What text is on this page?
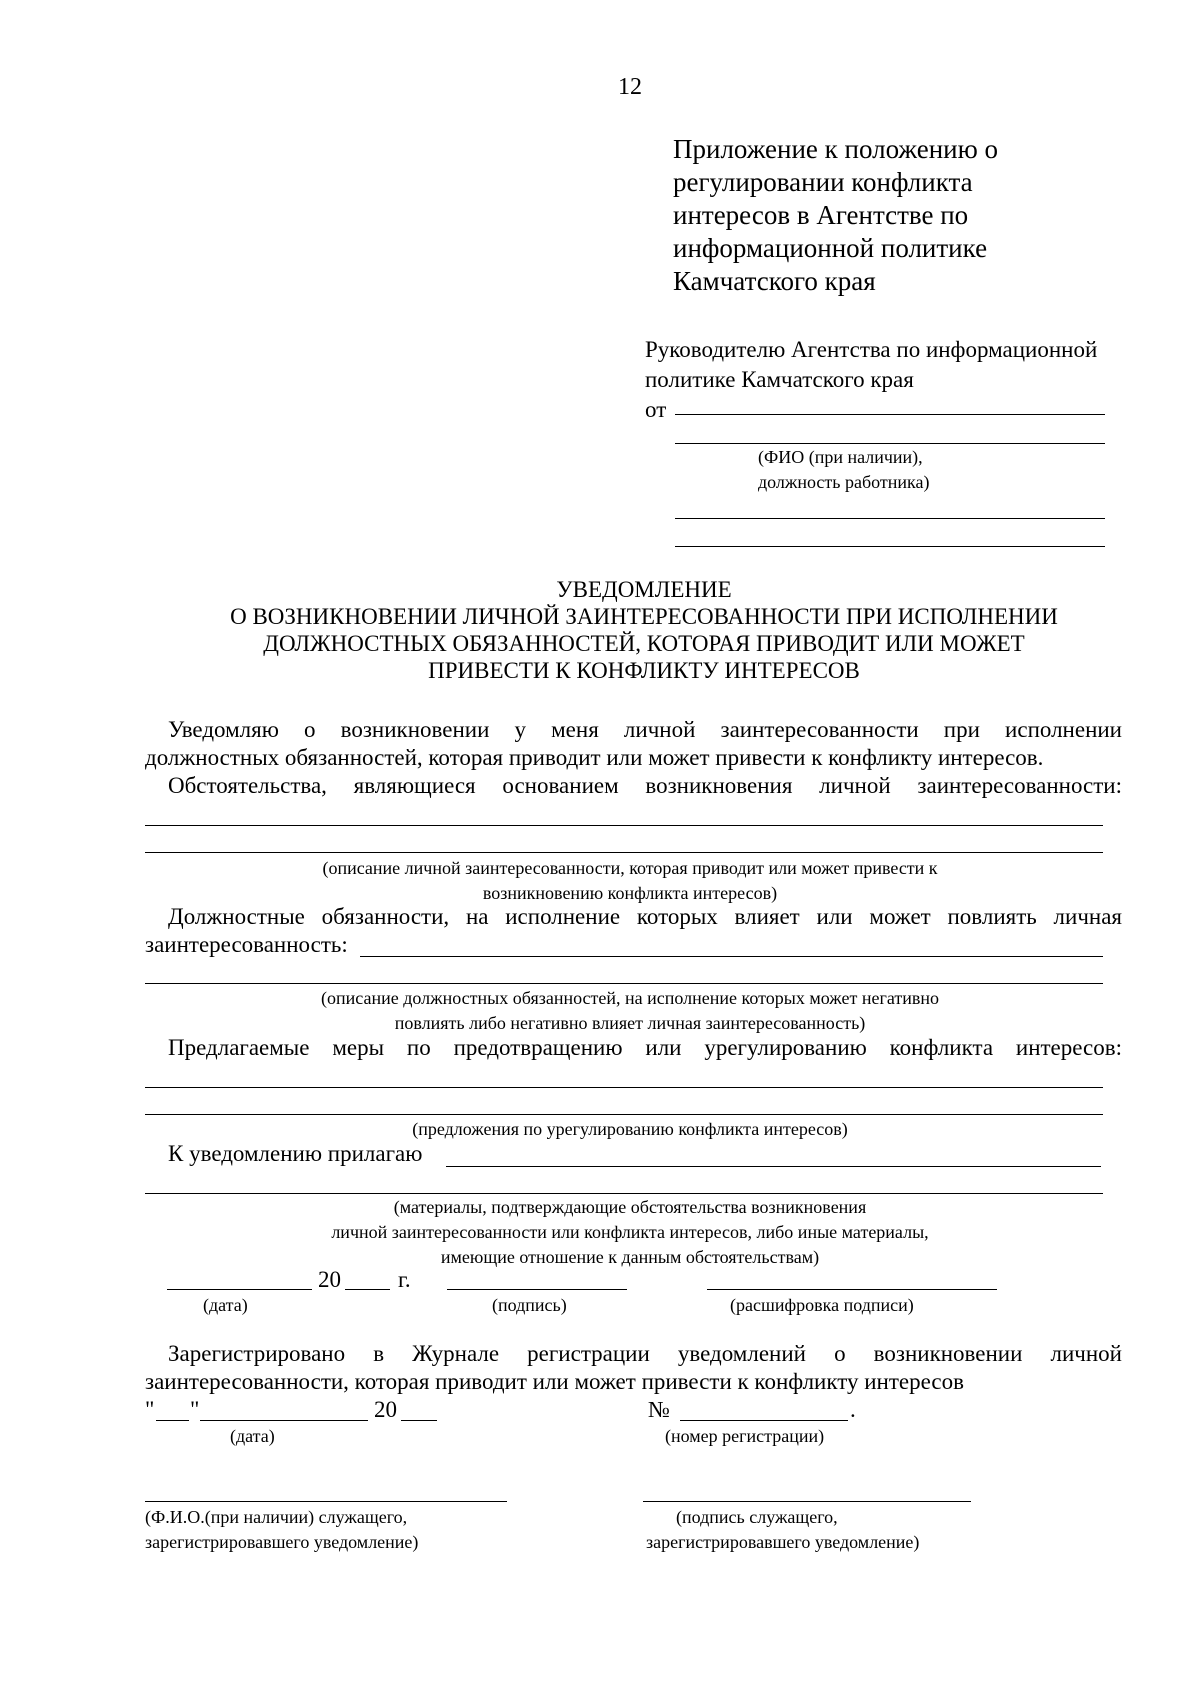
12
Приложение к положению о
регулировании конфликта
интересов в Агентстве по
информационной политике
Камчатского края
Руководителю Агентства по информационной
политике Камчатского края
от
(ФИО (при наличии),
должность работника)
УВЕДОМЛЕНИЕ
О ВОЗНИКНОВЕНИИ ЛИЧНОЙ ЗАИНТЕРЕСОВАННОСТИ ПРИ ИСПОЛНЕНИИ
ДОЛЖНОСТНЫХ ОБЯЗАННОСТЕЙ, КОТОРАЯ ПРИВОДИТ ИЛИ МОЖЕТ
ПРИВЕСТИ К КОНФЛИКТУ ИНТЕРЕСОВ
Уведомляю о возникновении у меня личной заинтересованности при исполнении
должностных обязанностей, которая приводит или может привести к конфликту интересов.
Обстоятельства, являющиеся основанием возникновения личной заинтересованности:
(описание личной заинтересованности, которая приводит или может привести к
возникновению конфликта интересов)
Должностные обязанности, на исполнение которых влияет или может повлиять личная
заинтересованность:
(описание должностных обязанностей, на исполнение которых может негативно
повлиять либо негативно влияет личная заинтересованность)
Предлагаемые меры по предотвращению или урегулированию конфликта интересов:
(предложения по урегулированию конфликта интересов)
К уведомлению прилагаю
(материалы, подтверждающие обстоятельства возникновения
личной заинтересованности или конфликта интересов, либо иные материалы,
имеющие отношение к данным обстоятельствам)
20 г.
(дата)	(подпись)	(расшифровка подписи)
Зарегистрировано в Журнале регистрации уведомлений о возникновении личной
заинтересованности, которая приводит или может привести к конфликту интересов
" "	20	№	.
(дата)	(номер регистрации)
(Ф.И.О.(при наличии) служащего,
зарегистрировавшего уведомление)
(подпись служащего,
зарегистрировавшего уведомление)
